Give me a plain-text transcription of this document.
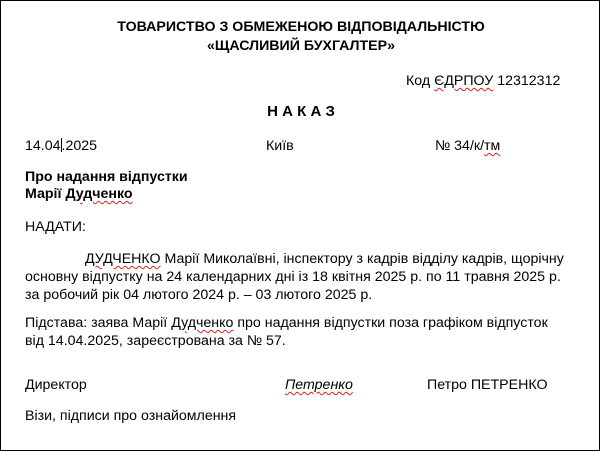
ТОВАРИСТВО З ОБМЕЖЕНОЮ ВІДПОВІДАЛЬНІСТЮ
«ЩАСЛИВИЙ БУХГАЛТЕР»
Код ЄДРПОУ 12312312
Н А К А З
14.04.2025	Київ	№ 34/к/тм
Про надання відпустки
Марії Дудченко
НАДАТИ:
ДУДЧЕНКО Марії Миколаївні, інспектору з кадрів відділу кадрів, щорічну
основну відпустку на 24 календарних дні із 18 квітня 2025 р. по 11 травня 2025 р.
за робочий рік 04 лютого 2024 р. – 03 лютого 2025 р.
Підстава: заява Марії Дудченко про надання відпустки поза графіком відпусток
від 14.04.2025, зареєстрована за № 57.
Директор	Петренко	Петро ПЕТРЕНКО
Візи, підписи про ознайомлення
